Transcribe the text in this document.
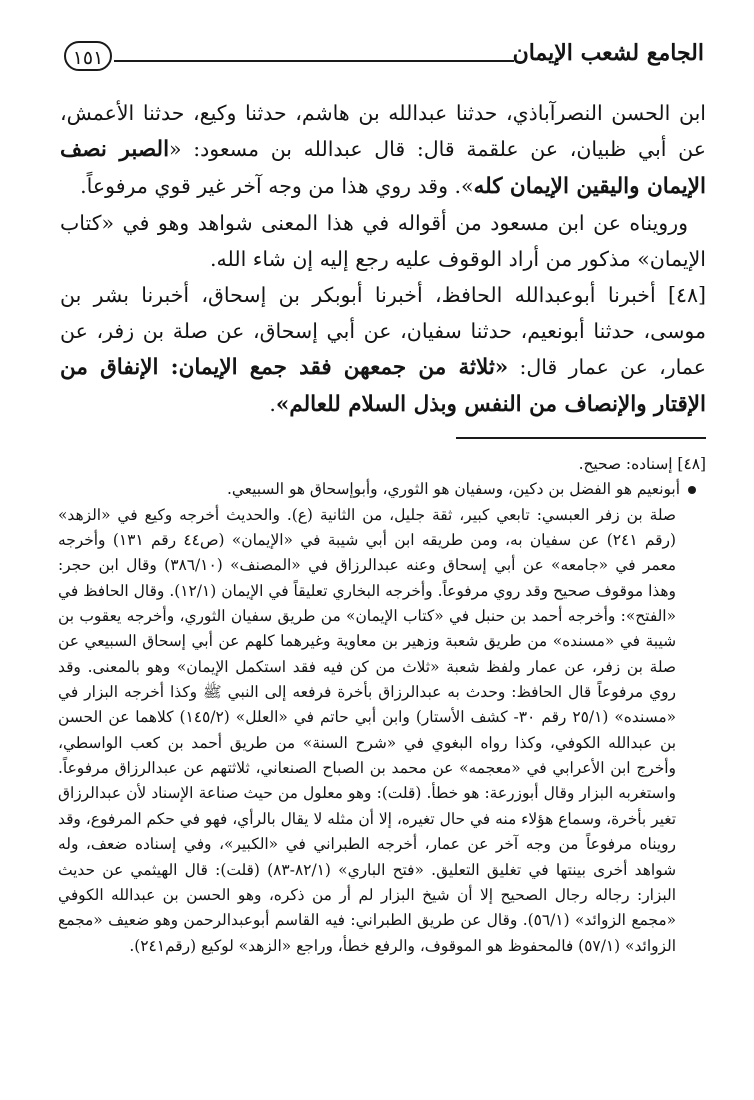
الجامع لشعب الإيمان
١٥١

ابن الحسن النصرآباذي، حدثنا عبدالله بن هاشم، حدثنا وكيع، حدثنا الأعمش، عن أبي ظبيان، عن علقمة قال: قال عبدالله بن مسعود: «الصبر نصف الإيمان واليقين الإيمان كله». وقد روي هذا من وجه آخر غير قوي مرفوعاً.

ورويناه عن ابن مسعود من أقواله في هذا المعنى شواهد وهو في «كتاب الإيمان» مذكور من أراد الوقوف عليه رجع إليه إن شاء الله.

[٤٨] أخبرنا أبوعبدالله الحافظ، أخبرنا أبوبكر بن إسحاق، أخبرنا بشر بن موسى، حدثنا أبونعيم، حدثنا سفيان، عن أبي إسحاق، عن صلة بن زفر، عن عمار، عن عمار قال: «ثلاثة من جمعهن فقد جمع الإيمان: الإنفاق من الإقتار والإنصاف من النفس وبذل السلام للعالم».

[٤٨] إسناده: صحيح.

أبونعيم هو الفضل بن دكين، وسفيان هو الثوري، وأبوإسحاق هو السبيعي.

صلة بن زفر العبسي: تابعي كبير، ثقة جليل، من الثانية (ع). والحديث أخرجه وكيع في «الزهد» (رقم ٢٤١) عن سفيان به، ومن طريقه ابن أبي شيبة في «الإيمان» (ص٤٤ رقم ١٣١) وأخرجه معمر في «جامعه» عن أبي إسحاق وعنه عبدالرزاق في «المصنف» (٣٨٦/١٠) وقال ابن حجر: وهذا موقوف صحيح وقد روي مرفوعاً. وأخرجه البخاري تعليقاً في الإيمان (١٢/١). وقال الحافظ في «الفتح»: وأخرجه أحمد بن حنبل في «كتاب الإيمان» من طريق سفيان الثوري، وأخرجه يعقوب بن شيبة في «مسنده» من طريق شعبة وزهير بن معاوية وغيرهما كلهم عن أبي إسحاق السبيعي عن صلة بن زفر، عن عمار ولفظ شعبة «ثلاث من كن فيه فقد استكمل الإيمان» وهو بالمعنى. وقد روي مرفوعاً قال الحافظ: وحدث به عبدالرزاق بأخرة فرفعه إلى النبي ﷺ وكذا أخرجه البزار في «مسنده» (٢٥/١ رقم ٣٠- كشف الأستار) وابن أبي حاتم في «العلل» (١٤٥/٢) كلاهما عن الحسن بن عبدالله الكوفي، وكذا رواه البغوي في «شرح السنة» من طريق أحمد بن كعب الواسطي، وأخرج ابن الأعرابي في «معجمه» عن محمد بن الصباح الصنعاني، ثلاثتهم عن عبدالرزاق مرفوعاً. واستغربه البزار وقال أبوزرعة: هو خطأ. (قلت): وهو معلول من حيث صناعة الإسناد لأن عبدالرزاق تغير بأخرة، وسماع هؤلاء منه في حال تغيره، إلا أن مثله لا يقال بالرأي، فهو في حكم المرفوع، وقد رويناه مرفوعاً من وجه آخر عن عمار، أخرجه الطبراني في «الكبير»، وفي إسناده ضعف، وله شواهد أخرى بينتها في تغليق التعليق. «فتح الباري» (٨٢/١-٨٣) (قلت): قال الهيثمي عن حديث البزار: رجاله رجال الصحيح إلا أن شيخ البزار لم أر من ذكره، وهو الحسن بن عبدالله الكوفي «مجمع الزوائد» (٥٦/١). وقال عن طريق الطبراني: فيه القاسم أبوعبدالرحمن وهو ضعيف «مجمع الزوائد» (٥٧/١) فالمحفوظ هو الموقوف، والرفع خطأ، وراجع «الزهد» لوكيع (رقم٢٤١).
